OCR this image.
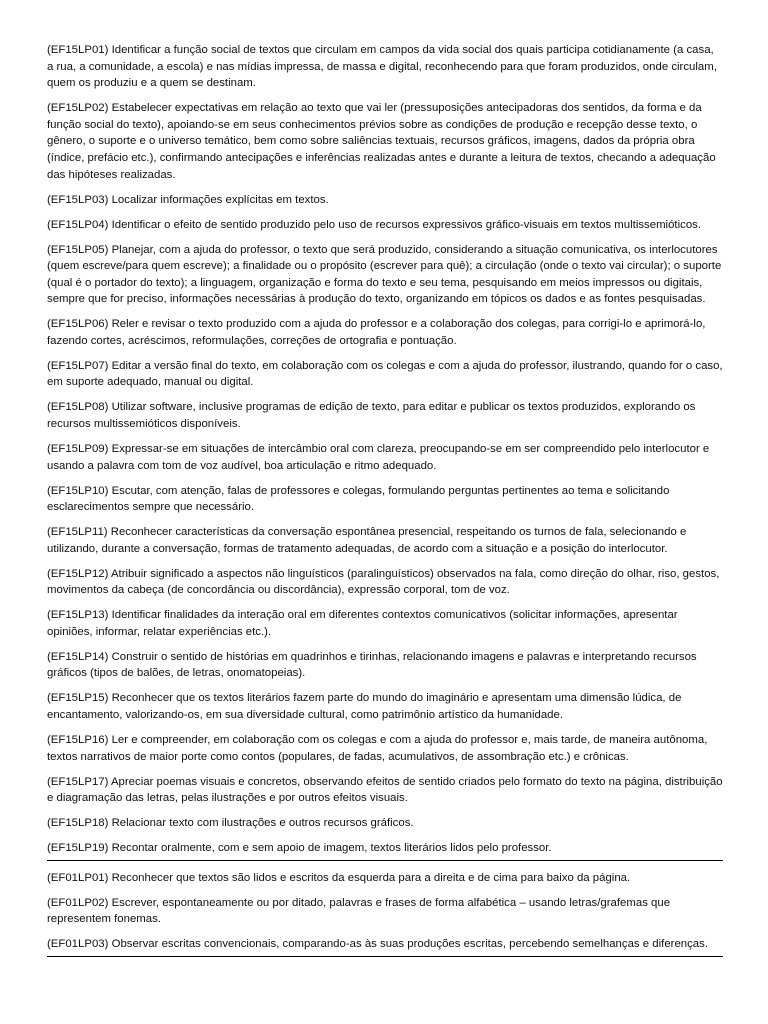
(EF15LP01) Identificar a função social de textos que circulam em campos da vida social dos quais participa cotidianamente (a casa, a rua, a comunidade, a escola) e nas mídias impressa, de massa e digital, reconhecendo para que foram produzidos, onde circulam, quem os produziu e a quem se destinam.

(EF15LP02) Estabelecer expectativas em relação ao texto que vai ler (pressuposições antecipadoras dos sentidos, da forma e da função social do texto), apoiando-se em seus conhecimentos prévios sobre as condições de produção e recepção desse texto, o gênero, o suporte e o universo temático, bem como sobre saliências textuais, recursos gráficos, imagens, dados da própria obra (índice, prefácio etc.), confirmando antecipações e inferências realizadas antes e durante a leitura de textos, checando a adequação das hipóteses realizadas.

(EF15LP03) Localizar informações explícitas em textos.

(EF15LP04) Identificar o efeito de sentido produzido pelo uso de recursos expressivos gráfico-visuais em textos multissemióticos.

(EF15LP05) Planejar, com a ajuda do professor, o texto que será produzido, considerando a situação comunicativa, os interlocutores (quem escreve/para quem escreve); a finalidade ou o propósito (escrever para quê); a circulação (onde o texto vai circular); o suporte (qual é o portador do texto); a linguagem, organização e forma do texto e seu tema, pesquisando em meios impressos ou digitais, sempre que for preciso, informações necessárias à produção do texto, organizando em tópicos os dados e as fontes pesquisadas.

(EF15LP06) Reler e revisar o texto produzido com a ajuda do professor e a colaboração dos colegas, para corrigi-lo e aprimorá-lo, fazendo cortes, acréscimos, reformulações, correções de ortografia e pontuação.

(EF15LP07) Editar a versão final do texto, em colaboração com os colegas e com a ajuda do professor, ilustrando, quando for o caso, em suporte adequado, manual ou digital.

(EF15LP08) Utilizar software, inclusive programas de edição de texto, para editar e publicar os textos produzidos, explorando os recursos multissemióticos disponíveis.

(EF15LP09) Expressar-se em situações de intercâmbio oral com clareza, preocupando-se em ser compreendido pelo interlocutor e usando a palavra com tom de voz audível, boa articulação e ritmo adequado.

(EF15LP10) Escutar, com atenção, falas de professores e colegas, formulando perguntas pertinentes ao tema e solicitando esclarecimentos sempre que necessário.

(EF15LP11) Reconhecer características da conversação espontânea presencial, respeitando os turnos de fala, selecionando e utilizando, durante a conversação, formas de tratamento adequadas, de acordo com a situação e a posição do interlocutor.

(EF15LP12) Atribuir significado a aspectos não linguísticos (paralinguísticos) observados na fala, como direção do olhar, riso, gestos, movimentos da cabeça (de concordância ou discordância), expressão corporal, tom de voz.

(EF15LP13) Identificar finalidades da interação oral em diferentes contextos comunicativos (solicitar informações, apresentar opiniões, informar, relatar experiências etc.).

(EF15LP14) Construir o sentido de histórias em quadrinhos e tirinhas, relacionando imagens e palavras e interpretando recursos gráficos (tipos de balões, de letras, onomatopeias).

(EF15LP15) Reconhecer que os textos literários fazem parte do mundo do imaginário e apresentam uma dimensão lúdica, de encantamento, valorizando-os, em sua diversidade cultural, como patrimônio artístico da humanidade.

(EF15LP16) Ler e compreender, em colaboração com os colegas e com a ajuda do professor e, mais tarde, de maneira autônoma, textos narrativos de maior porte como contos (populares, de fadas, acumulativos, de assombração etc.) e crônicas.

(EF15LP17) Apreciar poemas visuais e concretos, observando efeitos de sentido criados pelo formato do texto na página, distribuição e diagramação das letras, pelas ilustrações e por outros efeitos visuais.

(EF15LP18) Relacionar texto com ilustrações e outros recursos gráficos.

(EF15LP19) Recontar oralmente, com e sem apoio de imagem, textos literários lidos pelo professor.

(EF01LP01) Reconhecer que textos são lidos e escritos da esquerda para a direita e de cima para baixo da página.

(EF01LP02) Escrever, espontaneamente ou por ditado, palavras e frases de forma alfabética – usando letras/grafemas que representem fonemas.

(EF01LP03) Observar escritas convencionais, comparando-as às suas produções escritas, percebendo semelhanças e diferenças.
